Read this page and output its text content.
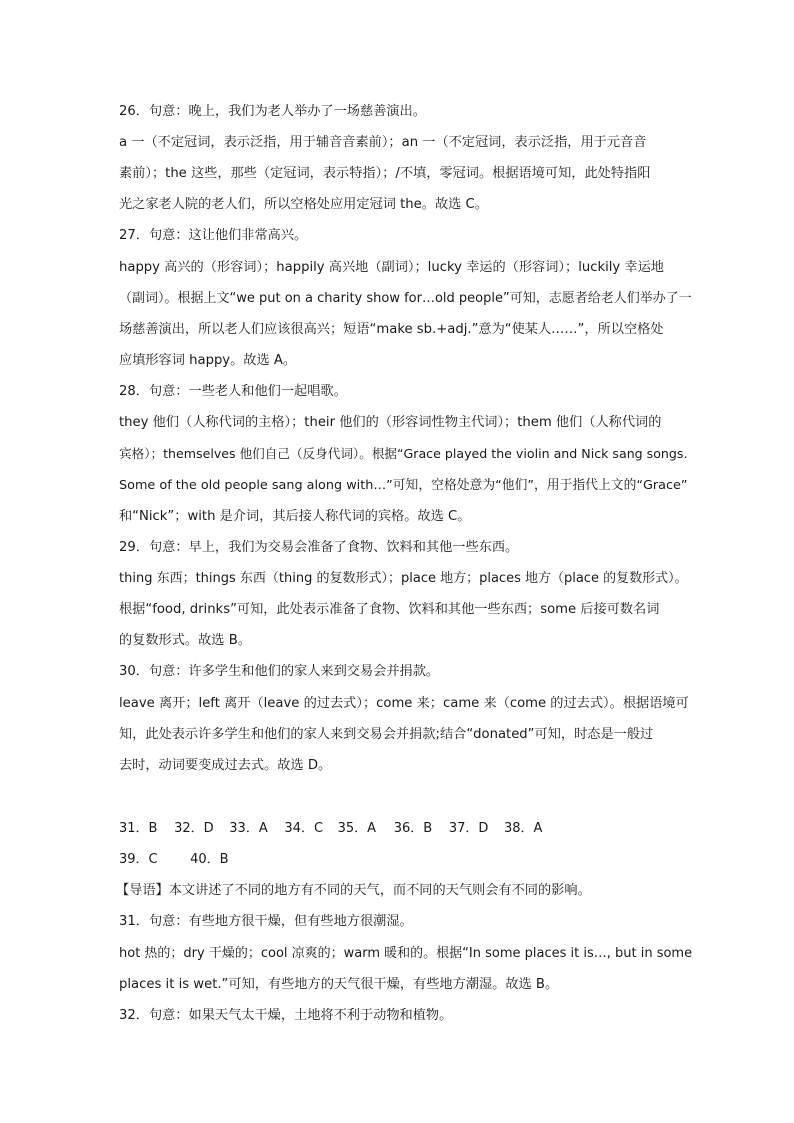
26．句意：晚上，我们为老人举办了一场慈善演出。
a 一（不定冠词，表示泛指，用于辅音音素前）；an 一（不定冠词，表示泛指，用于元音音
素前）；the 这些，那些（定冠词，表示特指）；/不填，零冠词。根据语境可知，此处特指阳
光之家老人院的老人们，所以空格处应用定冠词 the。故选 C。
27．句意：这让他们非常高兴。
happy 高兴的（形容词）；happily 高兴地（副词）；lucky 幸运的（形容词）；luckily 幸运地
（副词）。根据上文“we put on a charity show for…old people”可知，志愿者给老人们举办了一
场慈善演出，所以老人们应该很高兴；短语“make sb.+adj.”意为“使某人……”，所以空格处
应填形容词 happy。故选 A。
28．句意：一些老人和他们一起唱歌。
they 他们（人称代词的主格）；their 他们的（形容词性物主代词）；them 他们（人称代词的
宾格）；themselves 他们自己（反身代词）。根据“Grace played the violin and Nick sang songs.
Some of the old people sang along with…”可知，空格处意为“他们”，用于指代上文的“Grace”
和“Nick”；with 是介词，其后接人称代词的宾格。故选 C。
29．句意：早上，我们为交易会准备了食物、饮料和其他一些东西。
thing 东西；things 东西（thing 的复数形式）；place 地方；places 地方（place 的复数形式）。
根据“food, drinks”可知，此处表示准备了食物、饮料和其他一些东西；some 后接可数名词
的复数形式。故选 B。
30．句意：许多学生和他们的家人来到交易会并捐款。
leave 离开；left 离开（leave 的过去式）；come 来；came 来（come 的过去式）。根据语境可
知，此处表示许多学生和他们的家人来到交易会并捐款;结合“donated”可知，时态是一般过
去时，动词要变成过去式。故选 D。
31．B 32．D 33．A 34．C 35．A 36．B 37．D 38．A
39．C	40．B
【导语】本文讲述了不同的地方有不同的天气，而不同的天气则会有不同的影响。
31．句意：有些地方很干燥，但有些地方很潮湿。
hot 热的；dry 干燥的；cool 凉爽的；warm 暖和的。根据“In some places it is…, but in some
places it is wet.”可知，有些地方的天气很干燥，有些地方潮湿。故选 B。
32．句意：如果天气太干燥，土地将不利于动物和植物。
